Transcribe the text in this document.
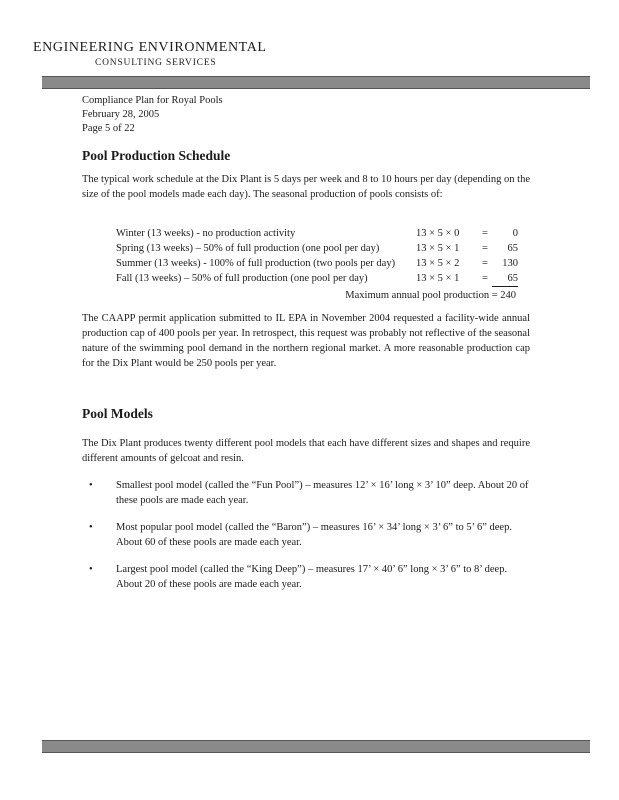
ENGINEERING ENVIRONMENTAL
CONSULTING SERVICES
Compliance Plan for Royal Pools
February 28, 2005
Page 5 of 22
Pool Production Schedule

The typical work schedule at the Dix Plant is 5 days per week and 8 to 10 hours per day (depending on the size of the pool models made each day). The seasonal production of pools consists of:

Winter (13 weeks) - no production activity	13 × 5 × 0	=	0
Spring (13 weeks) – 50% of full production (one pool per day)	13 × 5 × 1	=	65
Summer (13 weeks) - 100% of full production (two pools per day)	13 × 5 × 2	=	130
Fall (13 weeks) – 50% of full production (one pool per day)	13 × 5 × 1	=	65
Maximum annual pool production = 240

The CAAPP permit application submitted to IL EPA in November 2004 requested a facility-wide annual production cap of 400 pools per year. In retrospect, this request was probably not reflective of the seasonal nature of the swimming pool demand in the northern regional market. A more reasonable production cap for the Dix Plant would be 250 pools per year.

Pool Models

The Dix Plant produces twenty different pool models that each have different sizes and shapes and require different amounts of gelcoat and resin.

• Smallest pool model (called the “Fun Pool”) – measures 12’ × 16’ long × 3’ 10” deep. About 20 of these pools are made each year.
• Most popular pool model (called the “Baron”) – measures 16’ × 34’ long × 3’ 6” to 5’ 6” deep. About 60 of these pools are made each year.
• Largest pool model (called the “King Deep”) – measures 17’ × 40’ 6” long × 3’ 6” to 8’ deep. About 20 of these pools are made each year.
